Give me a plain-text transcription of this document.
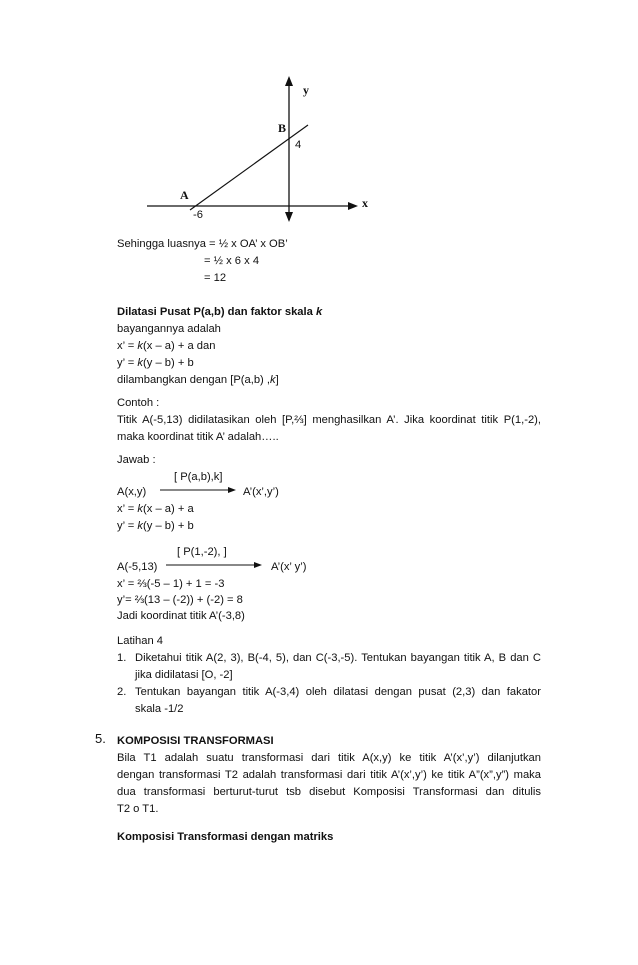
y
B
4
A
x
-6
Sehingga luasnya = ½ x OA’ x OB’
= ½ x 6 x 4
= 12
Dilatasi Pusat P(a,b) dan faktor skala k
bayangannya adalah
x’ = k(x – a) + a dan
y’ = k(y – b) + b
dilambangkan dengan [P(a,b) ,k]
Contoh :
Titik A(-5,13) didilatasikan oleh [P,⅔] menghasilkan A’. Jika koordinat titik P(1,-2),
maka koordinat titik A’ adalah…..
Jawab :
[ P(a,b),k]
A(x,y)	A’(x’,y’)
x’ = k(x – a) + a
y’ = k(y – b) + b
[ P(1,-2), ]
A(-5,13)	A’(x’ y’)
x’ = ⅔(-5 – 1) + 1 = -3
y’= ⅔(13 – (-2)) + (-2) = 8
Jadi koordinat titik A’(-3,8)
Latihan 4
1. Diketahui titik A(2, 3), B(-4, 5), dan C(-3,-5). Tentukan bayangan titik A, B dan C
jika didilatasi [O, -2]
2. Tentukan bayangan titik A(-3,4) oleh dilatasi dengan pusat (2,3) dan fakator
skala -1/2
5. KOMPOSISI TRANSFORMASI
Bila T1 adalah suatu transformasi dari titik A(x,y) ke titik A’(x’,y’) dilanjutkan
dengan transformasi T2 adalah transformasi dari titik A’(x’,y’) ke titik A”(x”,y”) maka
dua transformasi berturut-turut tsb disebut Komposisi Transformasi dan ditulis
T2 o T1.
Komposisi Transformasi dengan matriks
